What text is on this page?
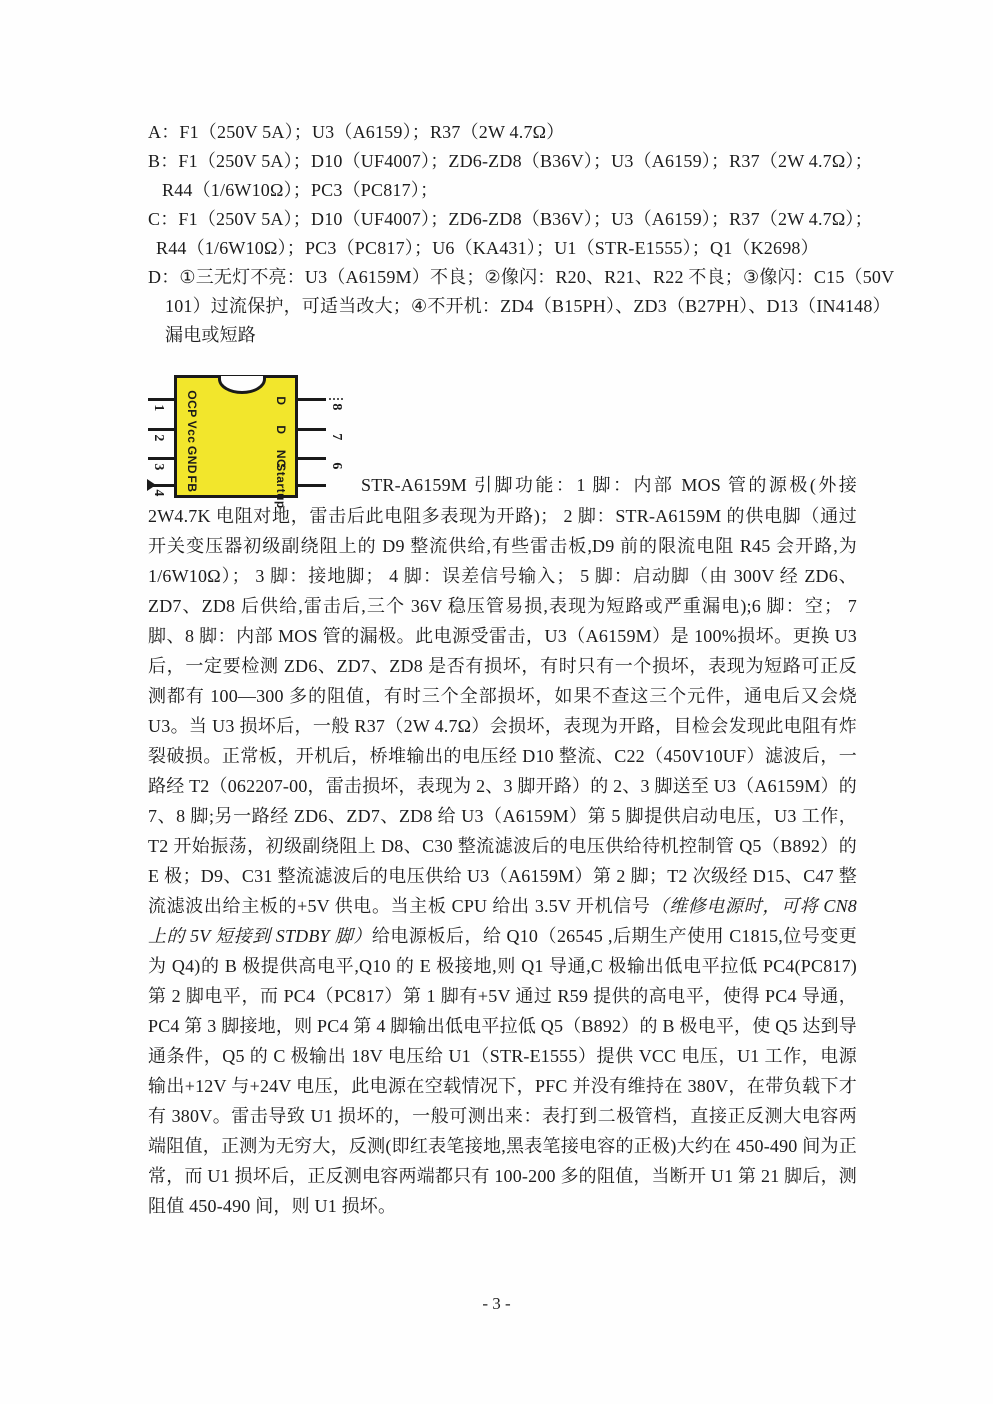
A：F1（250V 5A）；U3（A6159）；R37（2W 4.7Ω）
B：F1（250V 5A）；D10（UF4007）；ZD6-ZD8（B36V）；U3（A6159）；R37（2W 4.7Ω）；
R44（1/6W10Ω）；PC3（PC817）；
C：F1（250V 5A）；D10（UF4007）；ZD6-ZD8（B36V）；U3（A6159）；R37（2W 4.7Ω）；
R44（1/6W10Ω）；PC3（PC817）；U6（KA431）；U1（STR-E1555）；Q1（K2698）
D：①三无灯不亮：U3（A6159M）不良；②像闪：R20、R21、R22 不良；③像闪：C15（50V
101）过流保护，可适当改大；④不开机：ZD4（B15PH）、ZD3（B27PH）、D13（IN4148）
漏电或短路

1
2
3
4
8
7
6
OCP
Vcc
GND
FB
D
D
NC
Startup	STR-A6159M 引脚功能：1 脚：内部 MOS 管的源极(外接 2W4.7K 电阻对地，雷击后此电阻多表现为开路)； 2 脚：STR-A6159M 的供电脚（通过开关变压器初级副绕阻上的 D9 整流供给,有些雷击板,D9 前的限流电阻 R45 会开路,为 1/6W10Ω）； 3 脚：接地脚； 4 脚：误差信号输入； 5 脚：启动脚（由 300V 经 ZD6、ZD7、ZD8 后供给,雷击后,三个 36V 稳压管易损,表现为短路或严重漏电);6 脚：空； 7 脚、8 脚：内部 MOS 管的漏极。此电源受雷击，U3（A6159M）是 100%损坏。更换 U3 后，一定要检测 ZD6、ZD7、ZD8 是否有损坏，有时只有一个损坏，表现为短路可正反测都有 100—300 多的阻值，有时三个全部损坏，如果不查这三个元件，通电后又会烧 U3。当 U3 损坏后，一般 R37（2W 4.7Ω）会损坏，表现为开路，目检会发现此电阻有炸裂破损。正常板，开机后，桥堆输出的电压经 D10 整流、C22（450V10UF）滤波后，一路经 T2（062207-00，雷击损坏，表现为 2、3 脚开路）的 2、3 脚送至 U3（A6159M）的 7、8 脚;另一路经 ZD6、ZD7、ZD8 给 U3（A6159M）第 5 脚提供启动电压，U3 工作，T2 开始振荡，初级副绕阻上 D8、C30 整流滤波后的电压供给待机控制管 Q5（B892）的 E 极；D9、C31 整流滤波后的电压供给 U3（A6159M）第 2 脚；T2 次级经 D15、C47 整流滤波出给主板的+5V 供电。当主板 CPU 给出 3.5V 开机信号（维修电源时，可将 CN8 上的 5V 短接到 STDBY 脚）给电源板后，给 Q10（26545 ,后期生产使用 C1815,位号变更为 Q4)的 B 极提供高电平,Q10 的 E 极接地,则 Q1 导通,C 极输出低电平拉低 PC4(PC817)第 2 脚电平，而 PC4（PC817）第 1 脚有+5V 通过 R59 提供的高电平，使得 PC4 导通，PC4 第 3 脚接地，则 PC4 第 4 脚输出低电平拉低 Q5（B892）的 B 极电平，使 Q5 达到导通条件，Q5 的 C 极输出 18V 电压给 U1（STR-E1555）提供 VCC 电压，U1 工作，电源输出+12V 与+24V 电压，此电源在空载情况下，PFC 并没有维持在 380V，在带负载下才有 380V。雷击导致 U1 损坏的，一般可测出来：表打到二极管档，直接正反测大电容两端阻值，正测为无穷大，反测(即红表笔接地,黑表笔接电容的正极)大约在 450-490 间为正常，而 U1 损坏后，正反测电容两端都只有 100-200 多的阻值，当断开 U1 第 21 脚后，测阻值 450-490 间，则 U1 损坏。

- 3 -
